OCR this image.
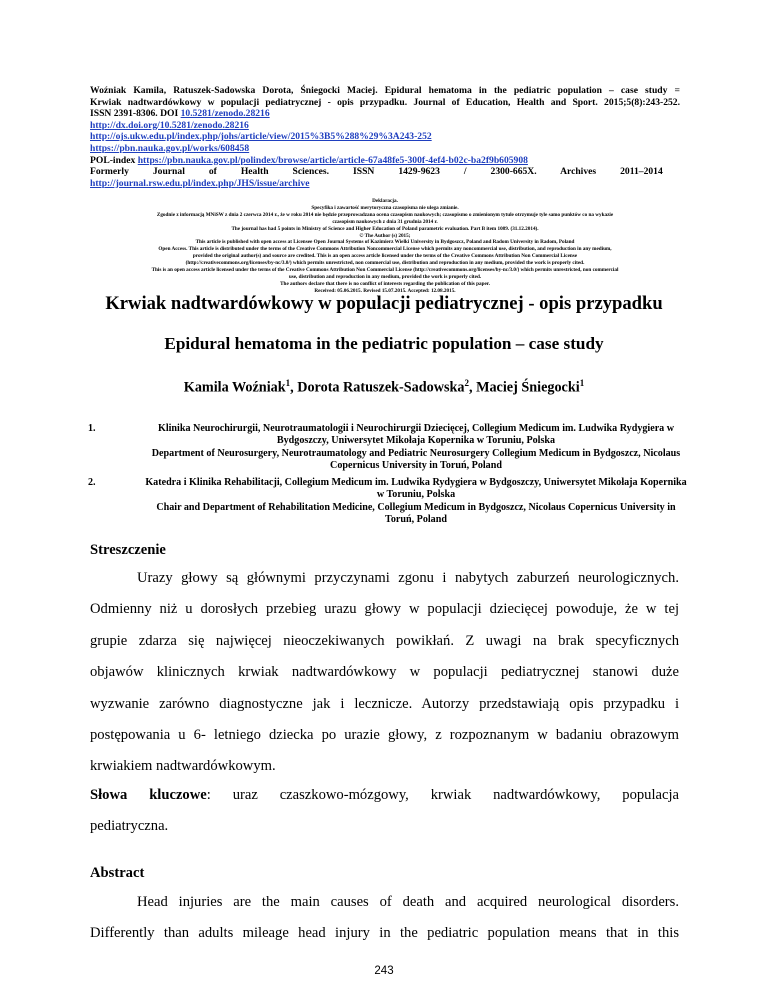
Woźniak Kamila, Ratuszek-Sadowska Dorota, Śniegocki Maciej. Epidural hematoma in the pediatric population – case study =
Krwiak nadtwardówkowy w populacji pediatrycznej - opis przypadku. Journal of Education, Health and Sport. 2015;5(8):243-252.
ISSN 2391-8306. DOI 10.5281/zenodo.28216
http://dx.doi.org/10.5281/zenodo.28216
http://ojs.ukw.edu.pl/index.php/johs/article/view/2015%3B5%288%29%3A243-252
https://pbn.nauka.gov.pl/works/608458
POL-index https://pbn.nauka.gov.pl/polindex/browse/article/article-67a48fe5-300f-4ef4-b02c-ba2f9b605908
Formerly          Journal          of          Health          Sciences.          ISSN          1429-9623          /          2300-665X.          Archives          2011–2014
http://journal.rsw.edu.pl/index.php/JHS/issue/archive
Deklaracja.
Specyfika i zawartość merytoryczna czasopisma nie ulega zmianie.
Zgodnie z informacją MNiSW z dnia 2 czerwca 2014 r., że w roku 2014 nie będzie przeprowadzana ocena czasopism naukowych; czasopismo o zmienionym tytule otrzymuje tyle samo punktów co na wykazie
czasopism naukowych z dnia 31 grudnia 2014 r.
The journal has had 5 points in Ministry of Science and Higher Education of Poland parametric evaluation. Part B item 1089. (31.12.2014).
© The Author (s) 2015;
This article is published with open access at Licensee Open Journal Systems of Kazimierz Wielki University in Bydgoszcz, Poland and Radom University in Radom, Poland
Open Access. This article is distributed under the terms of the Creative Commons Attribution Noncommercial License which permits any noncommercial use, distribution, and reproduction in any medium,
provided the original author(s) and source are credited. This is an open access article licensed under the terms of the Creative Commons Attribution Non Commercial License
(http://creativecommons.org/licenses/by-nc/3.0/) which permits unrestricted, non commercial use, distribution and reproduction in any medium, provided the work is properly cited.
This is an open access article licensed under the terms of the Creative Commons Attribution Non Commercial License (http://creativecommons.org/licenses/by-nc/3.0/) which permits unrestricted, non commercial
use, distribution and reproduction in any medium, provided the work is properly cited.
The authors declare that there is no conflict of interests regarding the publication of this paper.
Received: 05.06.2015. Revised 15.07.2015. Accepted: 12.08.2015.
Krwiak nadtwardówkowy w populacji pediatrycznej - opis przypadku
Epidural hematoma in the pediatric population – case study
Kamila Woźniak$^1$, Dorota Ratuszek-Sadowska$^2$, Maciej Śniegocki$^1$
1.	Klinika Neurochirurgii, Neurotraumatologii i Neurochirurgii Dziecięcej, Collegium Medicum im. Ludwika Rydygiera w
Bydgoszczy, Uniwersytet Mikołaja Kopernika w Toruniu, Polska
Department of Neurosurgery, Neurotraumatology and Pediatric Neurosurgery Collegium Medicum in Bydgoszcz, Nicolaus
Copernicus University in Toruń, Poland
2.	Katedra i Klinika Rehabilitacji, Collegium Medicum im. Ludwika Rydygiera w Bydgoszczy, Uniwersytet Mikołaja Kopernika
w Toruniu, Polska
Chair and Department of Rehabilitation Medicine, Collegium Medicum in Bydgoszcz, Nicolaus Copernicus University in
Toruń, Poland
Streszczenie
Urazy głowy są głównymi przyczynami zgonu i nabytych zaburzeń neurologicznych.
Odmienny niż u dorosłych przebieg urazu głowy w populacji dziecięcej powoduje, że w tej
grupie zdarza się najwięcej nieoczekiwanych powikłań. Z uwagi na brak specyficznych
objawów klinicznych krwiak nadtwardówkowy w populacji pediatrycznej stanowi duże
wyzwanie zarówno diagnostyczne jak i lecznicze. Autorzy przedstawiają opis przypadku i
postępowania u 6- letniego dziecka po urazie głowy, z rozpoznanym w badaniu obrazowym
krwiakiem nadtwardówkowym.
Słowa kluczowe: uraz czaszkowo-mózgowy, krwiak nadtwardówkowy, populacja
pediatryczna.
Abstract
Head injuries are the main causes of death and acquired neurological disorders.
Differently than adults mileage head injury in the pediatric population means that in this
243
